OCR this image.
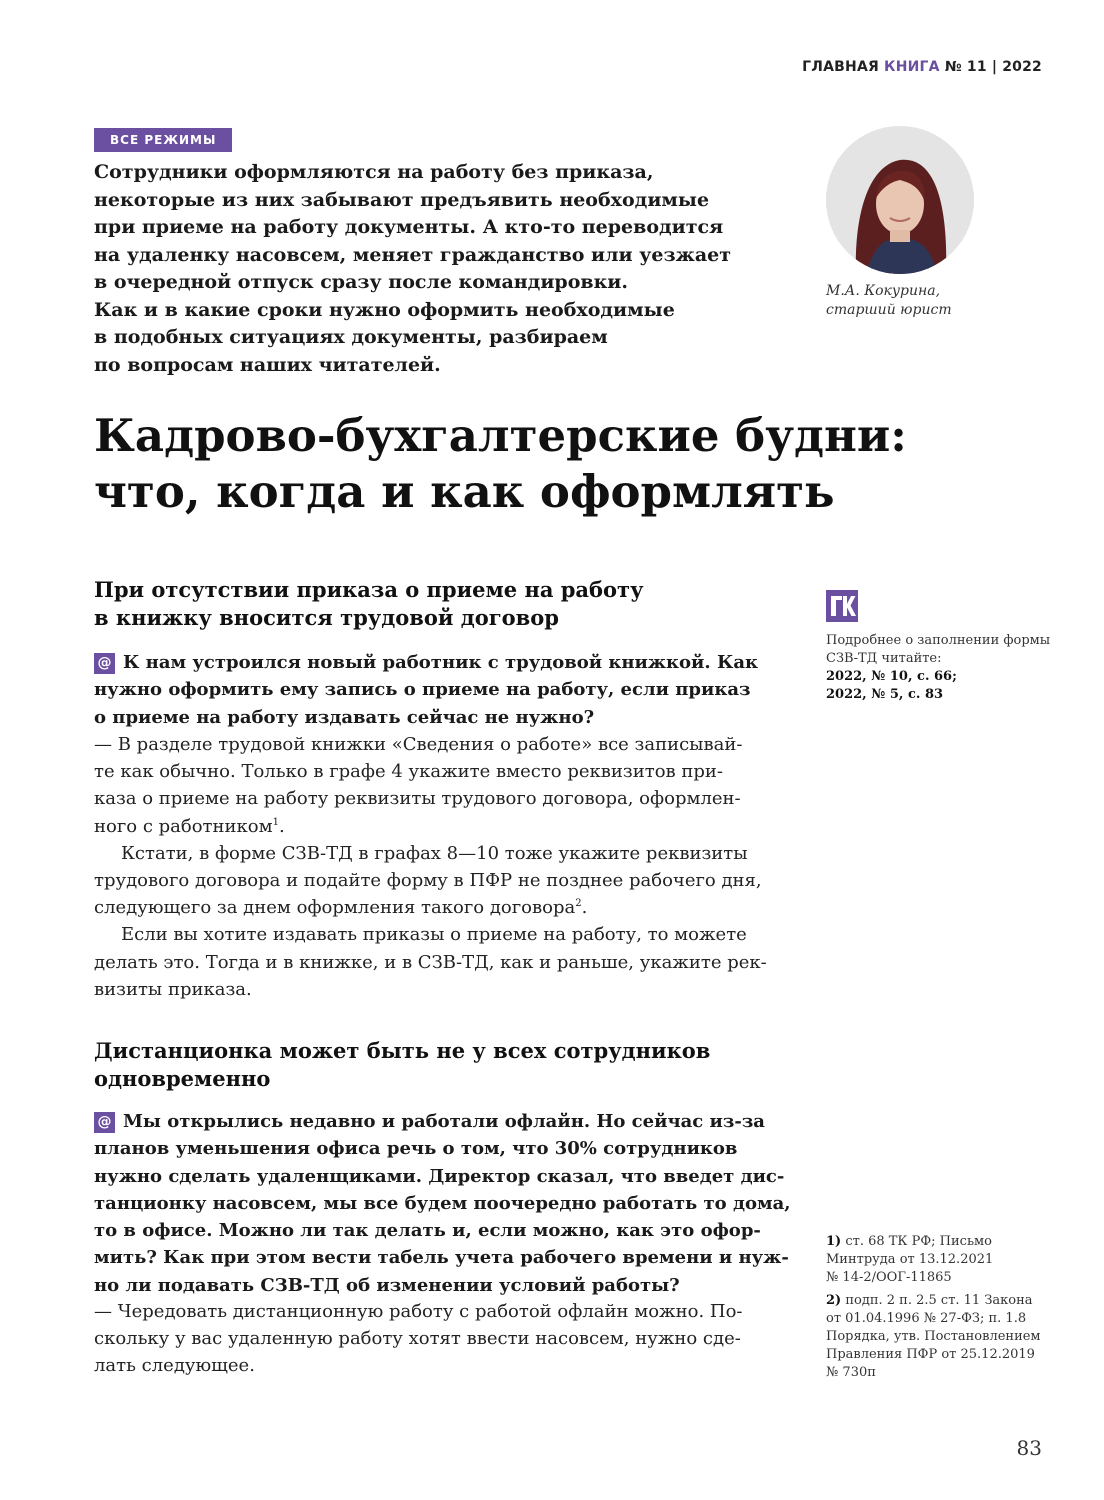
ГЛАВНАЯ КНИГА № 11 | 2022
ВСЕ РЕЖИМЫ

Сотрудники оформляются на работу без приказа,
некоторые из них забывают предъявить необходимые
при приеме на работу документы. А кто-то переводится
на удаленку насовсем, меняет гражданство или уезжает
в очередной отпуск сразу после командировки.
Как и в какие сроки нужно оформить необходимые
в подобных ситуациях документы, разбираем
по вопросам наших читателей.

М.А. Кокурина,
старший юрист
Кадрово-бухгалтерские будни:
что, когда и как оформлять
При отсутствии приказа о приеме на работу
в книжку вносится трудовой договор

@ К нам устроился новый работник с трудовой книжкой. Как
нужно оформить ему запись о приеме на работу, если приказ
о приеме на работу издавать сейчас не нужно?

— В разделе трудовой книжки «Сведения о работе» все записывай-
те как обычно. Только в графе 4 укажите вместо реквизитов при-
каза о приеме на работу реквизиты трудового договора, оформлен-
ного с работником$^1$.
Кстати, в форме СЗВ-ТД в графах 8—10 тоже укажите реквизиты
трудового договора и подайте форму в ПФР не позднее рабочего дня,
следующего за днем оформления такого договора$^2$.
Если вы хотите издавать приказы о приеме на работу, то можете
делать это. Тогда и в книжке, и в СЗВ-ТД, как и раньше, укажите рек-
визиты приказа.
Дистанционка может быть не у всех сотрудников
одновременно

@ Мы открылись недавно и работали офлайн. Но сейчас из-за
планов уменьшения офиса речь о том, что 30% сотрудников
нужно сделать удаленщиками. Директор сказал, что введет дис-
танционку насовсем, мы все будем поочередно работать то дома,
то в офисе. Можно ли так делать и, если можно, как это офор-
мить? Как при этом вести табель учета рабочего времени и нуж-
но ли подавать СЗВ-ТД об изменении условий работы?

— Чередовать дистанционную работу с работой офлайн можно. По-
скольку у вас удаленную работу хотят ввести насовсем, нужно сде-
лать следующее.
Подробнее о заполнении формы
СЗВ-ТД читайте:
2022, № 10, с. 66;
2022, № 5, с. 83
1) ст. 68 ТК РФ; Письмо
Минтруда от 13.12.2021
№ 14-2/ООГ-11865
2) подп. 2 п. 2.5 ст. 11 Закона
от 01.04.1996 № 27-ФЗ; п. 1.8
Порядка, утв. Постановлением
Правления ПФР от 25.12.2019
№ 730п
83
